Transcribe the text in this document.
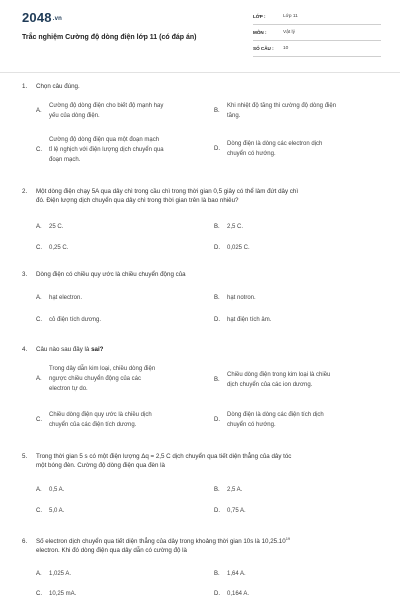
2048.vn
Trắc nghiệm Cường độ dòng điện lớp 11 (có đáp án)
LỚP :	Lớp 11
MÔN :	Vật lý
SỐ CÂU : 10
1. Chọn câu đúng.
A.
Cường độ dòng điện cho biết độ mạnh hay
yếu của dòng điện.
B.
Khi nhiệt độ tăng thì cường độ dòng điện
tăng.
C.
Cường độ dòng điện qua một đoạn mạch
tỉ lệ nghịch với điện lượng dịch chuyển qua
đoạn mạch.
D.
Dòng điện là dòng các electron dịch
chuyển có hướng.
2. Một dòng điện chạy 5A qua dây chì trong cầu chì trong thời gian 0,5 giây có thể làm đứt dây chì
đó. Điện lượng dịch chuyển qua dây chì trong thời gian trên là bao nhiêu?
A. 25 C.	B. 2,5 C.
C. 0,25 C.	D. 0,025 C.
3. Dòng điện có chiều quy ước là chiều chuyển động của
A. hạt electron.	B. hạt notron.
C. cỏ điện tích dương.	D. hạt điện tích âm.
4. Câu nào sau đây là sai?
A.
Trong dây dẫn kim loại, chiều dòng điện
ngược chiều chuyển động của các
electron tự do.
B.
Chiều dòng điện trong kim loại là chiều
dịch chuyển của các ion dương.
C.
Chiều dòng điện quy ước là chiều dịch
chuyển của các điện tích dương.
D.
Dòng điện là dòng các điện tích dịch
chuyển có hướng.
5. Trong thời gian 5 s có một điện lượng Δq = 2,5 C dịch chuyển qua tiết diện thẳng của dây tóc
một bóng đèn. Cường độ dòng điện qua đèn là
A. 0,5 A.	B. 2,5 A.
C. 5,0 A.	D. 0,75 A.
6. Số electron dịch chuyển qua tiết diện thẳng của dây trong khoảng thời gian 10s là 10,25.10$^{19}$
electron. Khi đó dòng điện qua dây dẫn có cường độ là
A. 1,025 A.	B. 1,64 A.
C. 10,25 mA.	D. 0,164 A.
